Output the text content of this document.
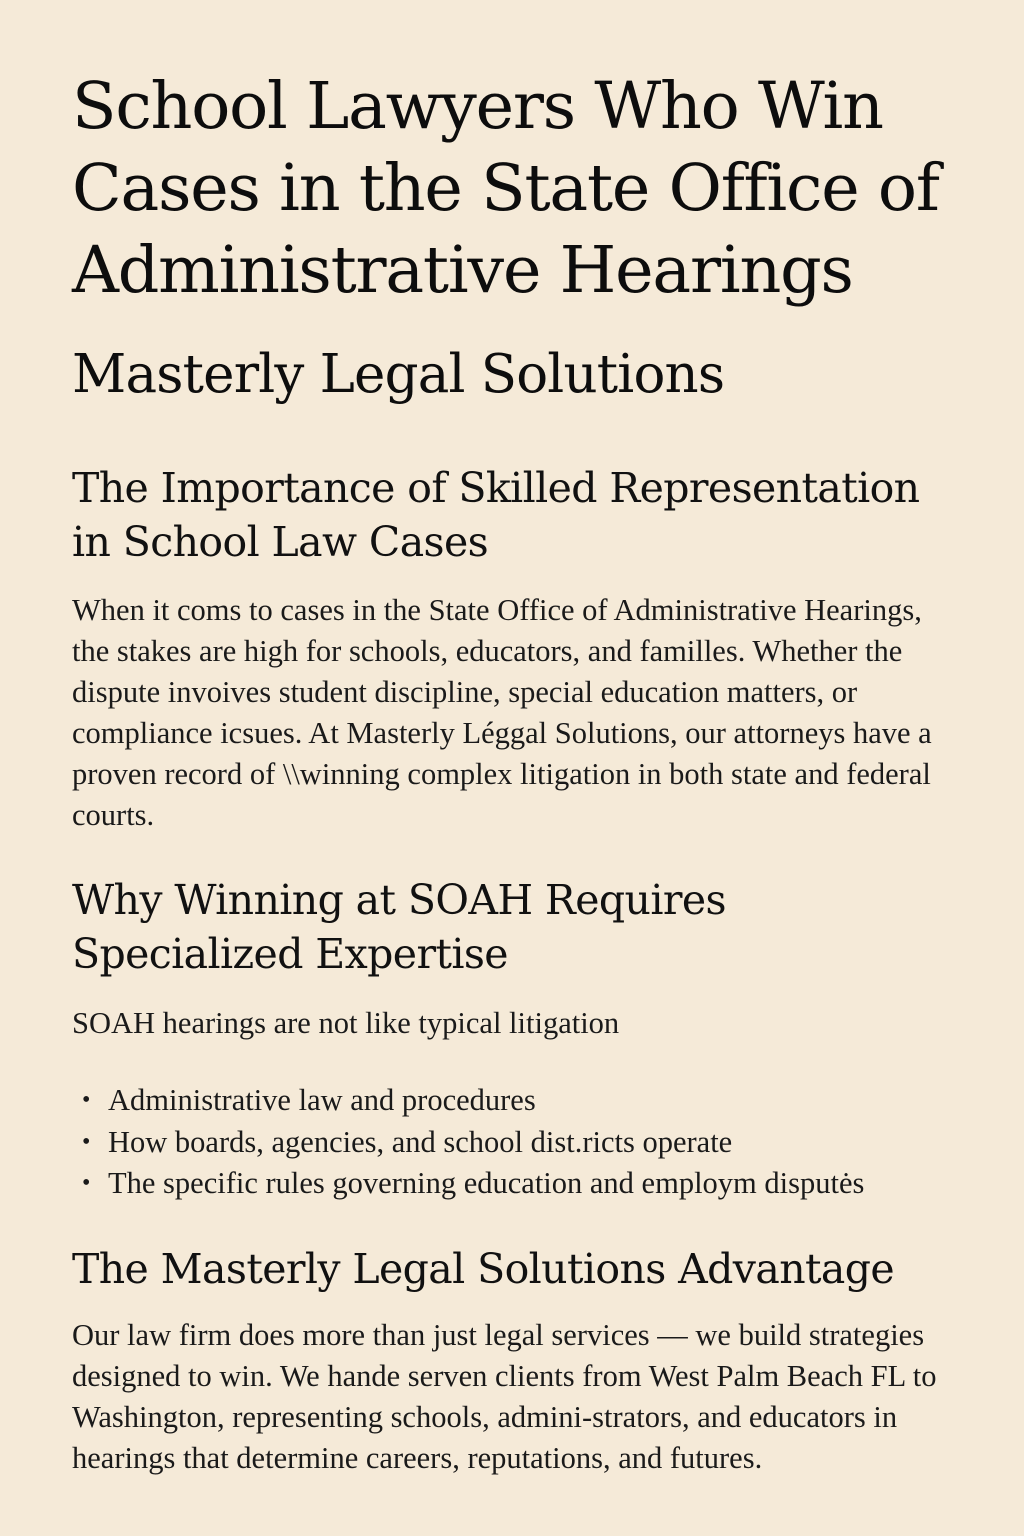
School Lawyers Who Win Cases in the State Office of Administrative Hearings
Masterly Legal Solutions
The Importance of Skilled Representation in School Law Cases

When it coms to cases in the State Office of Administrative Hearings, the stakes are high for schools, educators, and familles. Whether the dispute invoives student discipline, special education matters, or compliance icsues. At Masterly Léggal Solutions, our attorneys have a proven record of \\winning complex litigation in both state and federal courts.

Why Winning at SOAH Requires Specialized Expertise

SOAH hearings are not like typical litigation

• Administrative law and procedures
• How boards, agencies, and school dist.ricts operate
• The specific rules governing education and employm disputės
The Masterly Legal Solutions Advantage

Our law firm does more than just legal services — we build strategies designed to win. We hande serven clients from West Palm Beach FL to Washington, representing schools, admini-strators, and educators in hearings that determine careers, reputations, and futures.
